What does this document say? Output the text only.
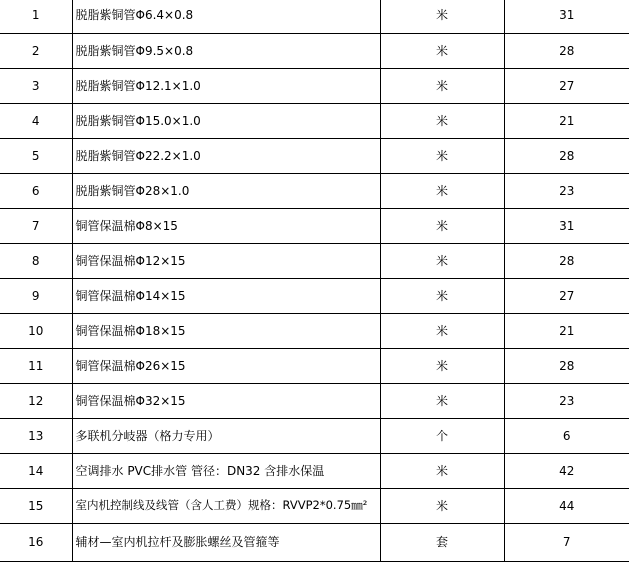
1	脱脂紫铜管Φ6.4×0.8	米	31
2	脱脂紫铜管Φ9.5×0.8	米	28
3	脱脂紫铜管Φ12.1×1.0	米	27
4	脱脂紫铜管Φ15.0×1.0	米	21
5	脱脂紫铜管Φ22.2×1.0	米	28
6	脱脂紫铜管Φ28×1.0	米	23
7	铜管保温棉Φ8×15	米	31
8	铜管保温棉Φ12×15	米	28
9	铜管保温棉Φ14×15	米	27
10	铜管保温棉Φ18×15	米	21
11	铜管保温棉Φ26×15	米	28
12	铜管保温棉Φ32×15	米	23
13	多联机分岐器（格力专用）	个	6
14	空调排水 PVC排水管 管径：DN32 含排水保温	米	42
15	室内机控制线及线管（含人工费）规格：RVVP2*0.75㎜²	米	44
16	辅材—室内机拉杆及膨胀螺丝及管箍等	套	7
